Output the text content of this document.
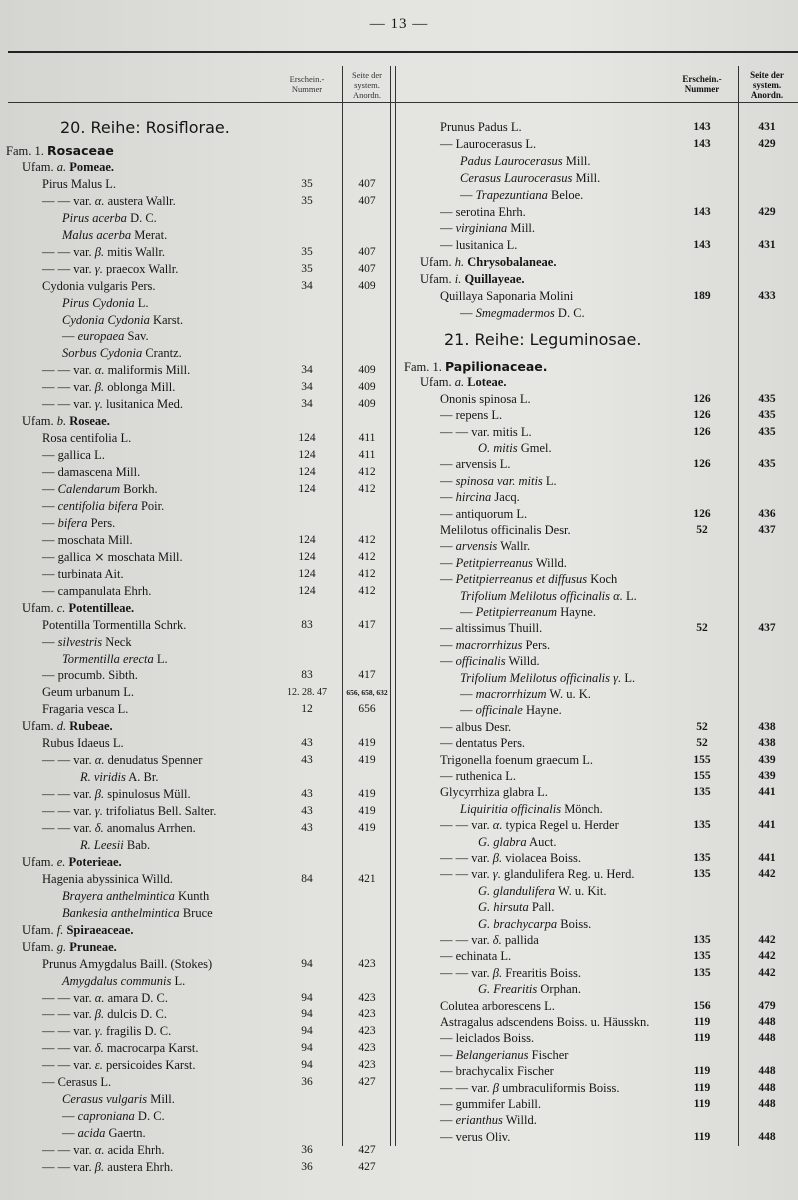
— 13 —
Erschein.-
Nummer
Seite der
system.
Anordn.
Erschein.-
Nummer
Seite der
system.
Anordn.
20. Reihe: Rosiflorae.
21. Reihe: Leguminosae.
Fam. 1. Rosaceae
Ufam. a. Pomeae.
Pirus Malus L.	35	407
— — var. α. austera Wallr.	35	407
Pirus acerba D. C.
Malus acerba Merat.
— — var. β. mitis Wallr.	35	407
— — var. γ. praecox Wallr.	35	407
Cydonia vulgaris Pers.	34	409
Pirus Cydonia L.
Cydonia Cydonia Karst.
— europaea Sav.
Sorbus Cydonia Crantz.
— — var. α. maliformis Mill.	34	409
— — var. β. oblonga Mill.	34	409
— — var. γ. lusitanica Med.	34	409
Ufam. b. Roseae.
Rosa centifolia L.	124	411
— gallica L.	124	411
— damascena Mill.	124	412
— Calendarum Borkh.	124	412
— centifolia bifera Poir.
— bifera Pers.
— moschata Mill.	124	412
— gallica ⨯ moschata Mill.	124	412
— turbinata Ait.	124	412
— campanulata Ehrh.	124	412
Ufam. c. Potentilleae.
Potentilla Tormentilla Schrk.	83	417
— silvestris Neck
Tormentilla erecta L.
— procumb. Sibth.	83	417
Geum urbanum L.	12. 28. 47	656, 658, 632
Fragaria vesca L.	12	656
Ufam. d. Rubeae.
Rubus Idaeus L.	43	419
— — var. α. denudatus Spenner	43	419
R. viridis A. Br.
— — var. β. spinulosus Müll.	43	419
— — var. γ. trifoliatus Bell. Salter.	43	419
— — var. δ. anomalus Arrhen.	43	419
R. Leesii Bab.
Ufam. e. Poterieae.
Hagenia abyssinica Willd.	84	421
Brayera anthelmintica Kunth
Bankesia anthelmintica Bruce
Ufam. f. Spiraeaceae.
Ufam. g. Pruneae.
Prunus Amygdalus Baill. (Stokes)	94	423
Amygdalus communis L.
— — var. α. amara D. C.	94	423
— — var. β. dulcis D. C.	94	423
— — var. γ. fragilis D. C.	94	423
— — var. δ. macrocarpa Karst.	94	423
— — var. ε. persicoides Karst.	94	423
— Cerasus L.	36	427
Cerasus vulgaris Mill.
— caproniana D. C.
— acida Gaertn.
— — var. α. acida Ehrh.	36	427
— — var. β. austera Ehrh.	36	427
Prunus Padus L.	143	431
— Laurocerasus L.	143	429
Padus Laurocerasus Mill.
Cerasus Laurocerasus Mill.
— Trapezuntiana Beloe.
— serotina Ehrh.	143	429
— virginiana Mill.
— lusitanica L.	143	431
Ufam. h. Chrysobalaneae.
Ufam. i. Quillayeae.
Quillaya Saponaria Molini	189	433
— Smegmadermos D. C.
Fam. 1. Papilionaceae.
Ufam. a. Loteae.
Ononis spinosa L.	126	435
— repens L.	126	435
— — var. mitis L.	126	435
O. mitis Gmel.
— arvensis L.	126	435
— spinosa var. mitis L.
— hircina Jacq.
— antiquorum L.	126	436
Melilotus officinalis Desr.	52	437
— arvensis Wallr.
— Petitpierreanus Willd.
— Petitpierreanus et diffusus Koch
Trifolium Melilotus officinalis α. L.
— Petitpierreanum Hayne.
— altissimus Thuill.	52	437
— macrorrhizus Pers.
— officinalis Willd.
Trifolium Melilotus officinalis γ. L.
— macrorrhizum W. u. K.
— officinale Hayne.
— albus Desr.	52	438
— dentatus Pers.	52	438
Trigonella foenum graecum L.	155	439
— ruthenica L.	155	439
Glycyrrhiza glabra L.	135	441
Liquiritia officinalis Mönch.
— — var. α. typica Regel u. Herder	135	441
G. glabra Auct.
— — var. β. violacea Boiss.	135	441
— — var. γ. glandulifera Reg. u. Herd.	135	442
G. glandulifera W. u. Kit.
G. hirsuta Pall.
G. brachycarpa Boiss.
— — var. δ. pallida	135	442
— echinata L.	135	442
— — var. β. Frearitis Boiss.	135	442
G. Frearitis Orphan.
Colutea arborescens L.	156	479
Astragalus adscendens Boiss. u. Häusskn.	119	448
— leiclados Boiss.	119	448
— Belangerianus Fischer
— brachycalix Fischer	119	448
— — var. β umbraculiformis Boiss.	119	448
— gummifer Labill.	119	448
— erianthus Willd.
— verus Oliv.	119	448
